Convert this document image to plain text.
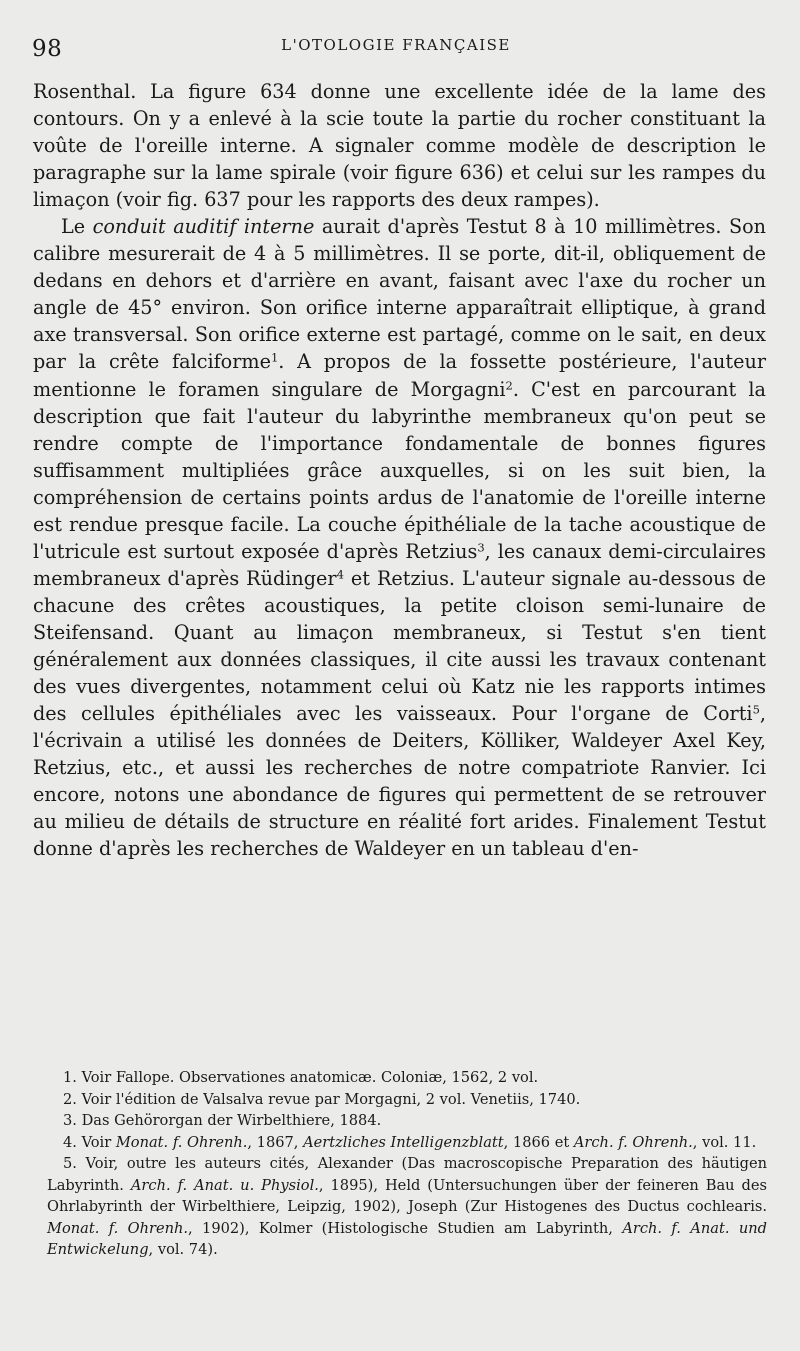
98	L'OTOLOGIE FRANÇAISE

Rosenthal. La figure 634 donne une excellente idée de la lame des contours. On y a enlevé à la scie toute la partie du rocher constituant la voûte de l'oreille interne. A signaler comme modèle de description le paragraphe sur la lame spirale (voir figure 636) et celui sur les rampes du limaçon (voir fig. 637 pour les rapports des deux rampes).

Le conduit auditif interne aurait d'après Testut 8 à 10 millimètres. Son calibre mesurerait de 4 à 5 millimètres. Il se porte, dit-il, obliquement de dedans en dehors et d'arrière en avant, faisant avec l'axe du rocher un angle de 45° environ. Son orifice interne apparaîtrait elliptique, à grand axe transversal. Son orifice externe est partagé, comme on le sait, en deux par la crête falciforme$^1$. A propos de la fossette postérieure, l'auteur mentionne le foramen singulare de Morgagni$^2$. C'est en parcourant la description que fait l'auteur du labyrinthe membraneux qu'on peut se rendre compte de l'importance fondamentale de bonnes figures suffisamment multipliées grâce auxquelles, si on les suit bien, la compréhension de certains points ardus de l'anatomie de l'oreille interne est rendue presque facile. La couche épithéliale de la tache acoustique de l'utricule est surtout exposée d'après Retzius$^3$, les canaux demi-circulaires membraneux d'après Rüdinger$^4$ et Retzius. L'auteur signale au-dessous de chacune des crêtes acoustiques, la petite cloison semi-lunaire de Steifensand. Quant au limaçon membraneux, si Testut s'en tient généralement aux données classiques, il cite aussi les travaux contenant des vues divergentes, notamment celui où Katz nie les rapports intimes des cellules épithéliales avec les vaisseaux. Pour l'organe de Corti$^5$, l'écrivain a utilisé les données de Deiters, Kölliker, Waldeyer Axel Key, Retzius, etc., et aussi les recherches de notre compatriote Ranvier. Ici encore, notons une abondance de figures qui permettent de se retrouver au milieu de détails de structure en réalité fort arides. Finalement Testut donne d'après les recherches de Waldeyer en un tableau d'en-

1. Voir Fallope. Observationes anatomicæ. Coloniæ, 1562, 2 vol.

2. Voir l'édition de Valsalva revue par Morgagni, 2 vol. Venetiis, 1740.

3. Das Gehörorgan der Wirbelthiere, 1884.

4. Voir Monat. f. Ohrenh., 1867, Aertzliches Intelligenzblatt, 1866 et Arch. f. Ohrenh., vol. 11.

5. Voir, outre les auteurs cités, Alexander (Das macroscopische Preparation des häutigen Labyrinth. Arch. f. Anat. u. Physiol., 1895), Held (Untersuchungen über der feineren Bau des Ohrlabyrinth der Wirbelthiere, Leipzig, 1902), Joseph (Zur Histogenes des Ductus cochlearis. Monat. f. Ohrenh., 1902), Kolmer (Histologische Studien am Labyrinth, Arch. f. Anat. und Entwickelung, vol. 74).
